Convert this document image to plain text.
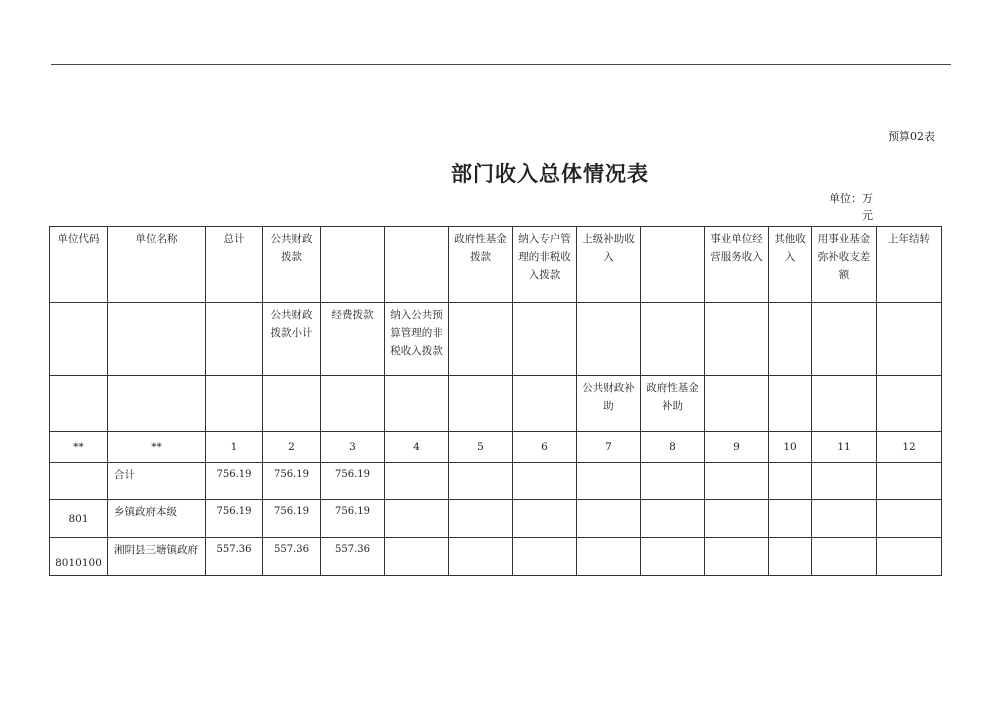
预算02表
部门收入总体情况表
单位：万元
单位代码	单位名称	总计	公共财政拨款			政府性基金拨款	纳入专户管理的非税收入拨款	上级补助收入		事业单位经营服务收入	其他收入	用事业基金弥补收支差额	上年结转
			公共财政拨款小计	经费拨款	纳入公共预算管理的非税收入拨款								
								公共财政补助	政府性基金补助				
**	**	1	2	3	4	5	6	7	8	9	10	11	12
	合计	756.19	756.19	756.19									
801	乡镇政府本级	756.19	756.19	756.19									
8010100	湘阴县三塘镇政府	557.36	557.36	557.36									
